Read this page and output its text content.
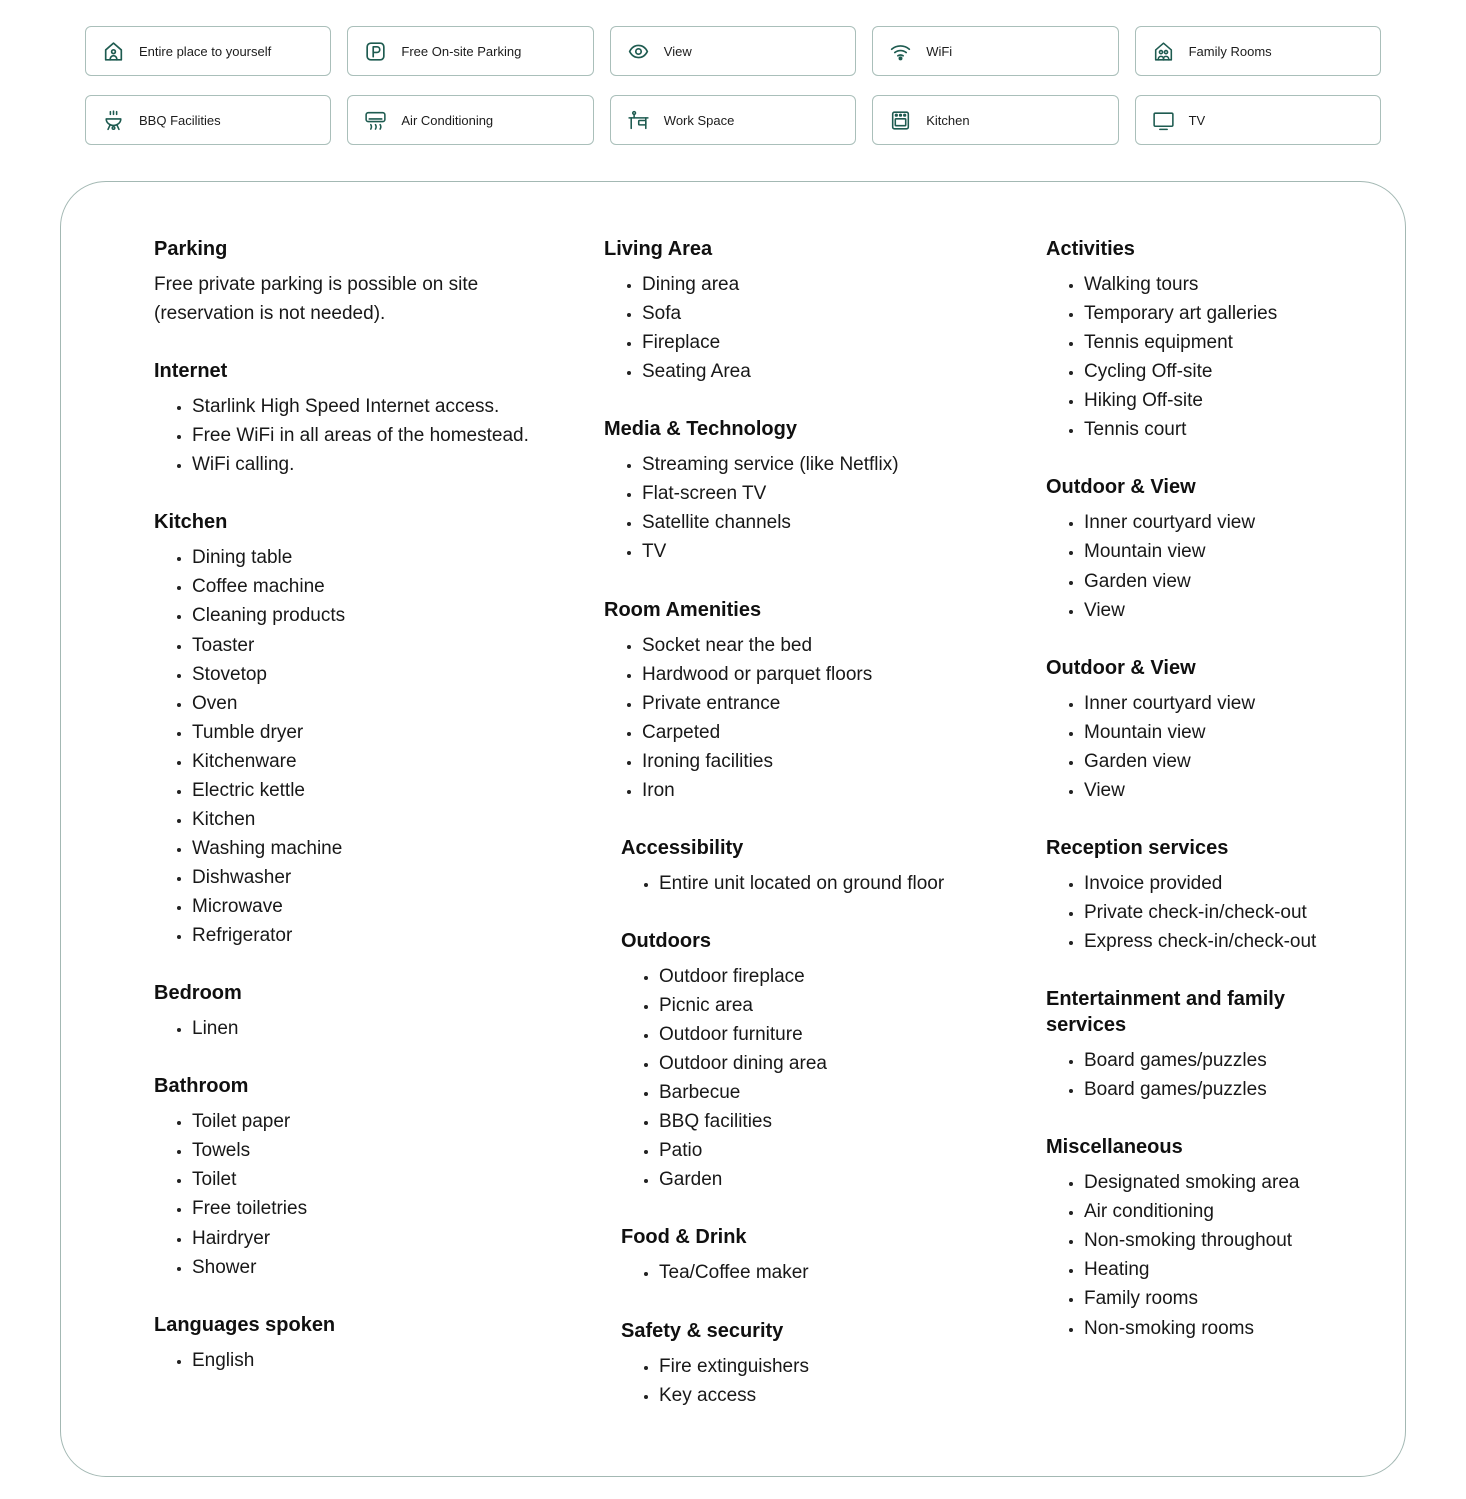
Entire place to yourself	Free On-site Parking	View	WiFi	Family Rooms
BBQ Facilities	Air Conditioning	Work Space	Kitchen	TV
Parking

Free private parking is possible on site (reservation is not needed).

Internet
• Starlink High Speed Internet access.
• Free WiFi in all areas of the homestead.
• WiFi calling.
Kitchen
• Dining table
• Coffee machine
• Cleaning products
• Toaster
• Stovetop
• Oven
• Tumble dryer
• Kitchenware
• Electric kettle
• Kitchen
• Washing machine
• Dishwasher
• Microwave
• Refrigerator
Bedroom
• Linen
Bathroom
• Toilet paper
• Towels
• Toilet
• Free toiletries
• Hairdryer
• Shower
Languages spoken
• English
Living Area
• Dining area
• Sofa
• Fireplace
• Seating Area
Media & Technology
• Streaming service (like Netflix)
• Flat-screen TV
• Satellite channels
• TV
Room Amenities
• Socket near the bed
• Hardwood or parquet floors
• Private entrance
• Carpeted
• Ironing facilities
• Iron
Accessibility
• Entire unit located on ground floor
Outdoors
• Outdoor fireplace
• Picnic area
• Outdoor furniture
• Outdoor dining area
• Barbecue
• BBQ facilities
• Patio
• Garden
Food & Drink
• Tea/Coffee maker
Safety & security
• Fire extinguishers
• Key access
Activities
• Walking tours
• Temporary art galleries
• Tennis equipment
• Cycling Off-site
• Hiking Off-site
• Tennis court
Outdoor & View
• Inner courtyard view
• Mountain view
• Garden view
• View
Outdoor & View
• Inner courtyard view
• Mountain view
• Garden view
• View
Reception services
• Invoice provided
• Private check-in/check-out
• Express check-in/check-out
Entertainment and family services
• Board games/puzzles
• Board games/puzzles
Miscellaneous
• Designated smoking area
• Air conditioning
• Non-smoking throughout
• Heating
• Family rooms
• Non-smoking rooms
